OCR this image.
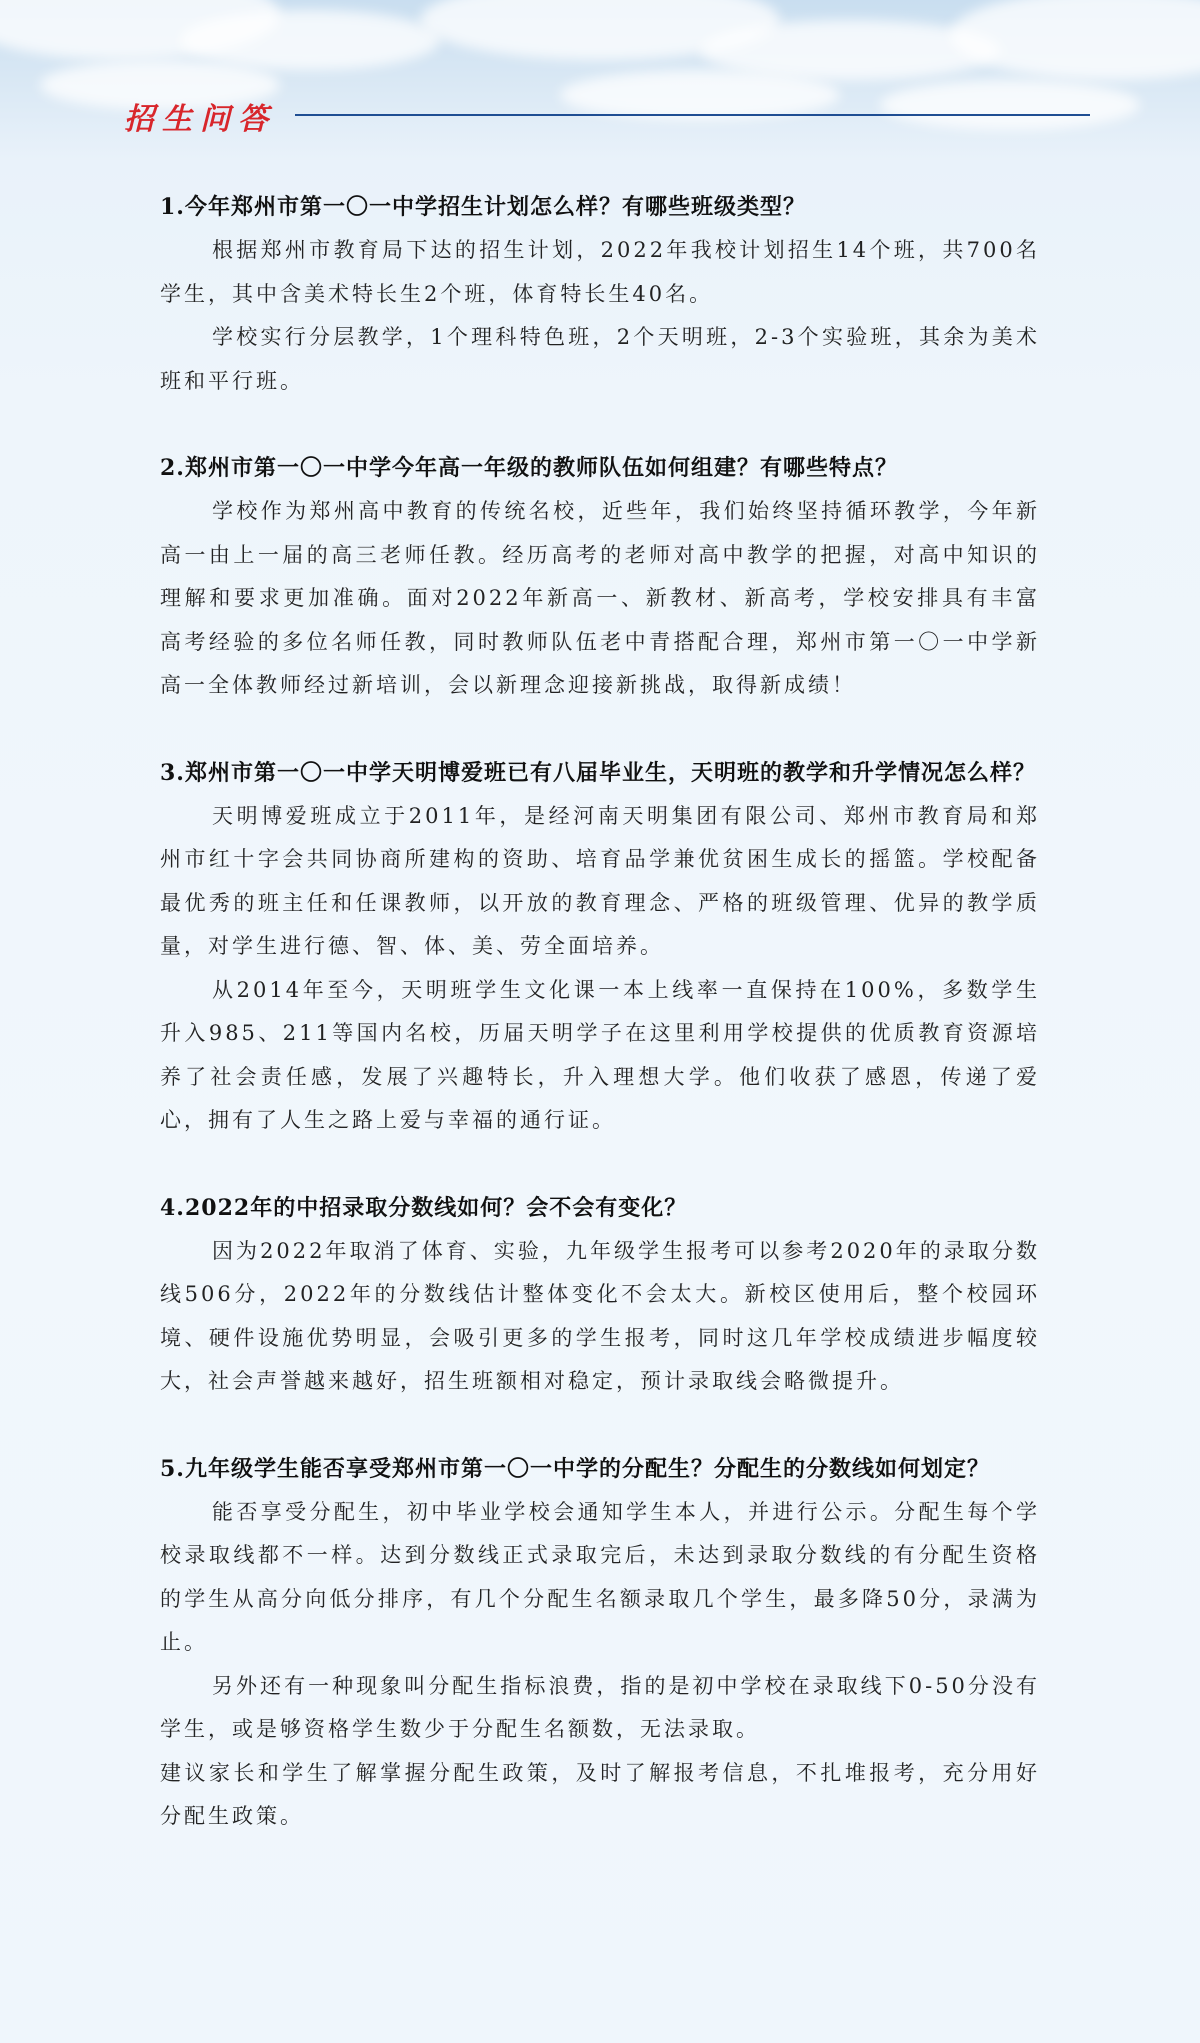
招生问答
1.今年郑州市第一〇一中学招生计划怎么样？有哪些班级类型？

根据郑州市教育局下达的招生计划，2022年我校计划招生14个班，共700名学生，其中含美术特长生2个班，体育特长生40名。

学校实行分层教学，1个理科特色班，2个天明班，2-3个实验班，其余为美术班和平行班。

2.郑州市第一〇一中学今年高一年级的教师队伍如何组建？有哪些特点？

学校作为郑州高中教育的传统名校，近些年，我们始终坚持循环教学，今年新高一由上一届的高三老师任教。经历高考的老师对高中教学的把握，对高中知识的理解和要求更加准确。面对2022年新高一、新教材、新高考，学校安排具有丰富高考经验的多位名师任教，同时教师队伍老中青搭配合理，郑州市第一〇一中学新高一全体教师经过新培训，会以新理念迎接新挑战，取得新成绩！

3.郑州市第一〇一中学天明博爱班已有八届毕业生，天明班的教学和升学情况怎么样？

天明博爱班成立于2011年，是经河南天明集团有限公司、郑州市教育局和郑州市红十字会共同协商所建构的资助、培育品学兼优贫困生成长的摇篮。学校配备最优秀的班主任和任课教师，以开放的教育理念、严格的班级管理、优异的教学质量，对学生进行德、智、体、美、劳全面培养。

从2014年至今，天明班学生文化课一本上线率一直保持在100%，多数学生升入985、211等国内名校，历届天明学子在这里利用学校提供的优质教育资源培养了社会责任感，发展了兴趣特长，升入理想大学。他们收获了感恩，传递了爱心，拥有了人生之路上爱与幸福的通行证。

4.2022年的中招录取分数线如何？会不会有变化？

因为2022年取消了体育、实验，九年级学生报考可以参考2020年的录取分数线506分，2022年的分数线估计整体变化不会太大。新校区使用后，整个校园环境、硬件设施优势明显，会吸引更多的学生报考，同时这几年学校成绩进步幅度较大，社会声誉越来越好，招生班额相对稳定，预计录取线会略微提升。

5.九年级学生能否享受郑州市第一〇一中学的分配生？分配生的分数线如何划定？

能否享受分配生，初中毕业学校会通知学生本人，并进行公示。分配生每个学校录取线都不一样。达到分数线正式录取完后，未达到录取分数线的有分配生资格的学生从高分向低分排序，有几个分配生名额录取几个学生，最多降50分，录满为止。

另外还有一种现象叫分配生指标浪费，指的是初中学校在录取线下0-50分没有学生，或是够资格学生数少于分配生名额数，无法录取。

建议家长和学生了解掌握分配生政策，及时了解报考信息，不扎堆报考，充分用好分配生政策。
